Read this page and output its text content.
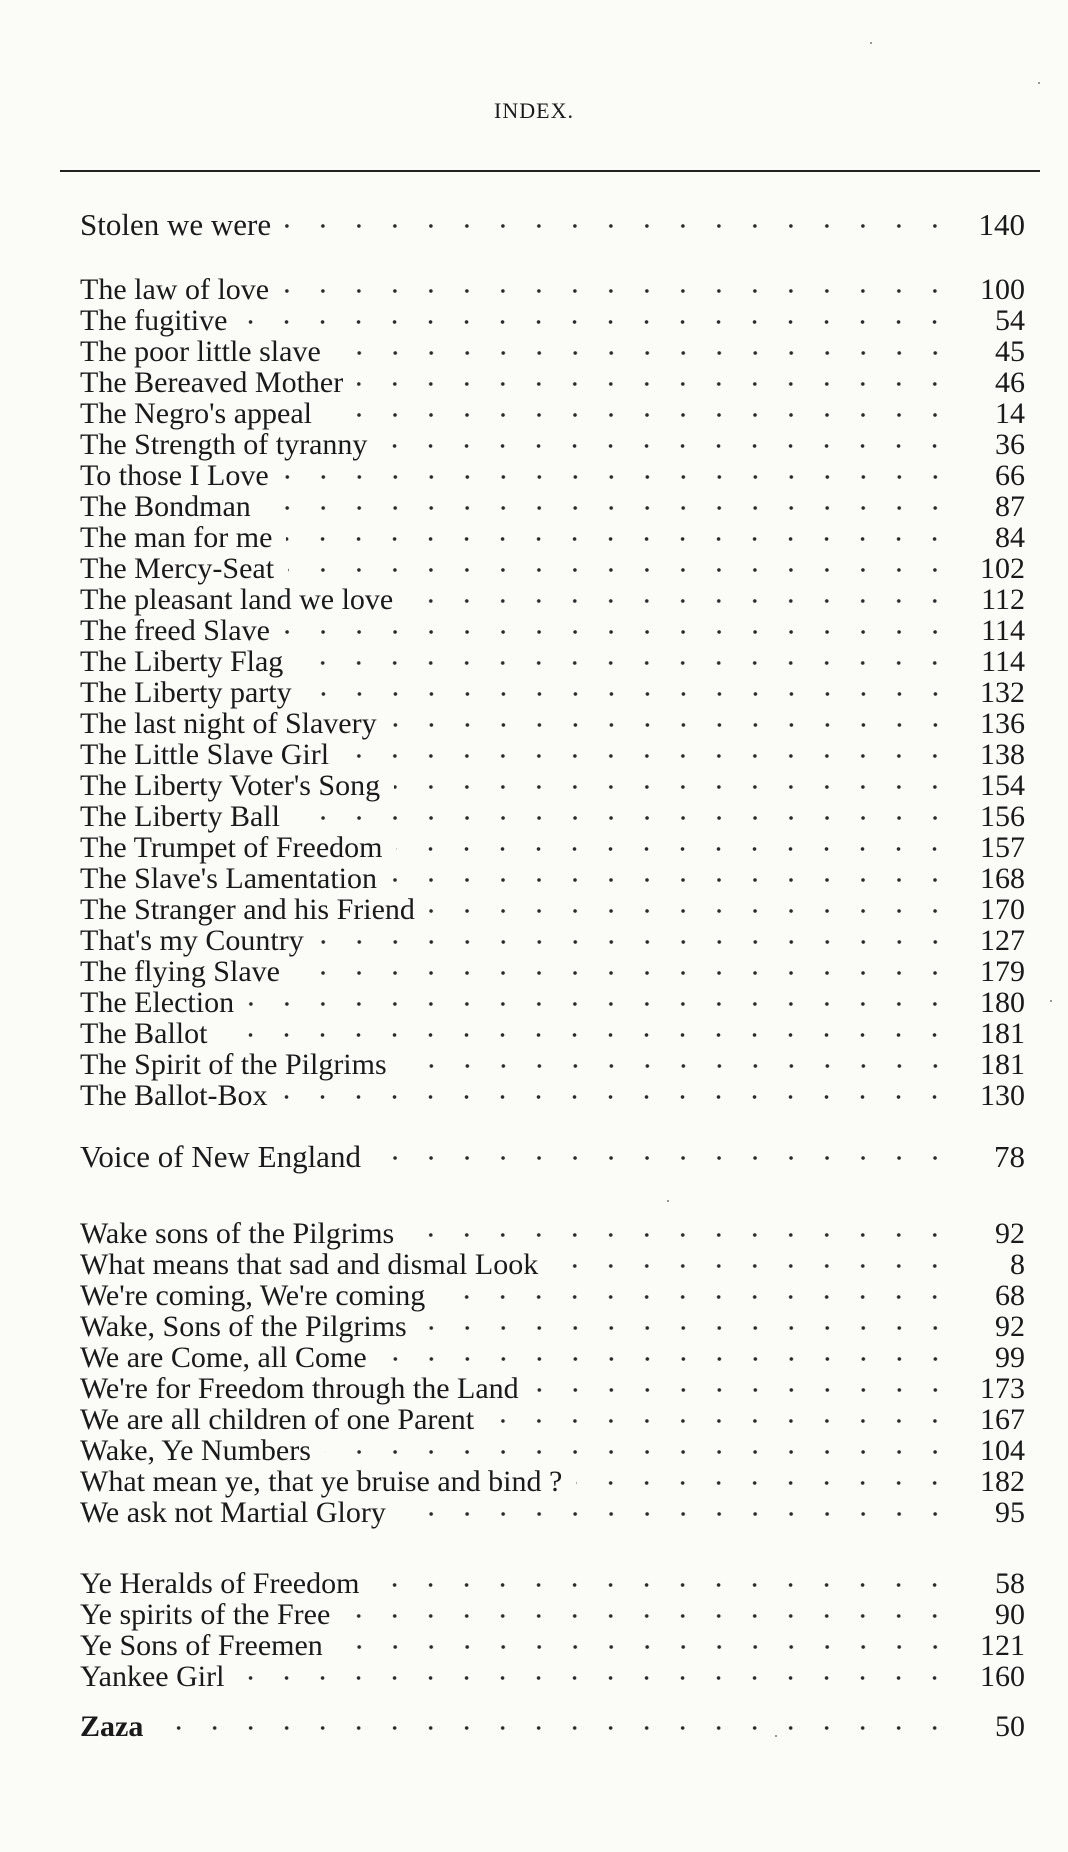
INDEX.
Stolen we were	140
The law of love	100
The fugitive	54
The poor little slave	45
The Bereaved Mother	46
The Negro's appeal	14
The Strength of tyranny	36
To those I Love	66
The Bondman	87
The man for me	84
The Mercy-Seat	102
The pleasant land we love	112
The freed Slave	114
The Liberty Flag	114
The Liberty party	132
The last night of Slavery	136
The Little Slave Girl	138
The Liberty Voter's Song	154
The Liberty Ball	156
The Trumpet of Freedom	157
The Slave's Lamentation	168
The Stranger and his Friend	170
That's my Country	127
The flying Slave	179
The Election	180
The Ballot	181
The Spirit of the Pilgrims	181
The Ballot-Box	130
Voice of New England	78
Wake sons of the Pilgrims	92
What means that sad and dismal Look	8
We're coming, We're coming	68
Wake, Sons of the Pilgrims	92
We are Come, all Come	99
We're for Freedom through the Land	173
We are all children of one Parent	167
Wake, Ye Numbers	104
What mean ye, that ye bruise and bind ?	182
We ask not Martial Glory	95
Ye Heralds of Freedom	58
Ye spirits of the Free	90
Ye Sons of Freemen	121
Yankee Girl	160
Zaza	50
